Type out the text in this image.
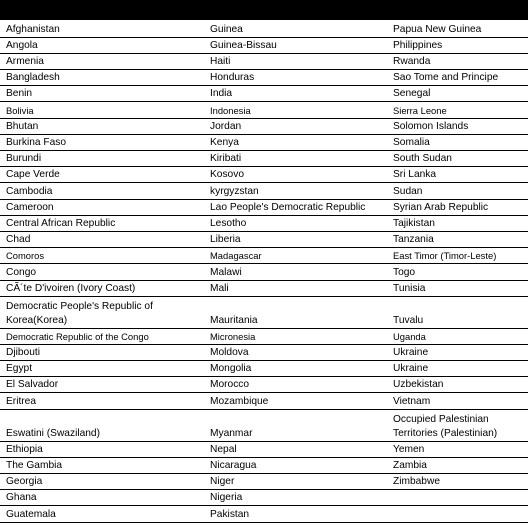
Afghanistan	Guinea	Papua New Guinea
Angola	Guinea-Bissau	Philippines
Armenia	Haiti	Rwanda
Bangladesh	Honduras	Sao Tome and Principe
Benin	India	Senegal
Bolivia	Indonesia	Sierra Leone
Bhutan	Jordan	Solomon Islands
Burkina Faso	Kenya	Somalia
Burundi	Kiribati	South Sudan
Cape Verde	Kosovo	Sri Lanka
Cambodia	kyrgyzstan	Sudan
Cameroon	Lao People's Democratic Republic	Syrian Arab Republic
Central African Republic	Lesotho	Tajikistan
Chad	Liberia	Tanzania
Comoros	Madagascar	East Timor (Timor-Leste)
Congo	Malawi	Togo
CÃ´te D'ivoiren (Ivory Coast)	Mali	Tunisia
Democratic People's Republic of Korea(Korea)	Mauritania	Tuvalu
Democratic Republic of the Congo	Micronesia	Uganda
Djibouti	Moldova	Ukraine
Egypt	Mongolia	Ukraine
El Salvador	Morocco	Uzbekistan
Eritrea	Mozambique	Vietnam
Eswatini (Swaziland)	Myanmar	Occupied Palestinian Territories (Palestinian)
Ethiopia	Nepal	Yemen
The Gambia	Nicaragua	Zambia
Georgia	Niger	Zimbabwe
Ghana	Nigeria	
Guatemala	Pakistan	
